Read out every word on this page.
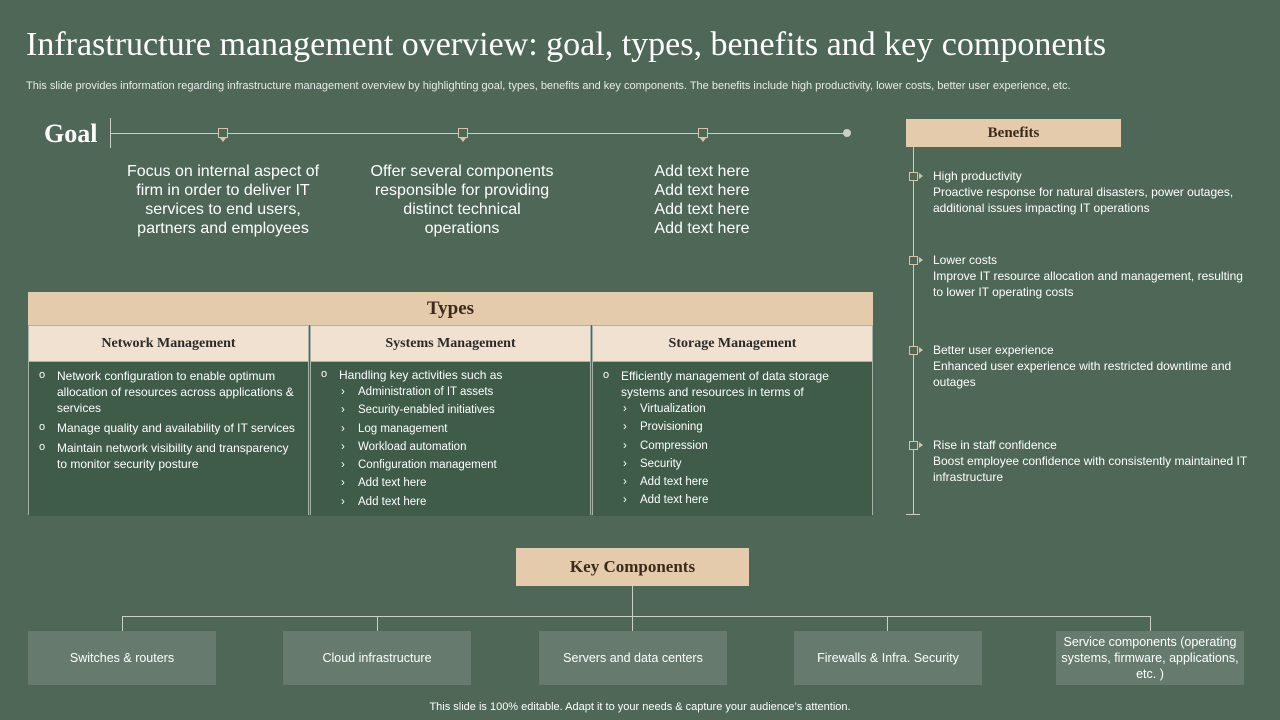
Infrastructure management overview: goal, types, benefits and key components
This slide provides information regarding infrastructure management overview by highlighting goal, types, benefits and key components. The benefits include high productivity, lower costs, better user experience, etc.
Goal
Focus on internal aspect of firm in order to deliver IT services to end users, partners and employees
Offer several components responsible for providing distinct technical operations
Add text here Add text here Add text here Add text here
Types
Network Management
o Network configuration to enable optimum allocation of resources across applications & services
o Manage quality and availability of IT services
o Maintain network visibility and transparency to monitor security posture
Systems Management
o Handling key activities such as
› Administration of IT assets
› Security-enabled initiatives
› Log management
› Workload automation
› Configuration management
› Add text here
› Add text here
Storage Management
o Efficiently management of data storage systems and resources in terms of
› Virtualization
› Provisioning
› Compression
› Security
› Add text here
› Add text here
Benefits
High productivity
Proactive response for natural disasters, power outages, additional issues impacting IT operations
Lower costs
Improve IT resource allocation and management, resulting to lower IT operating costs
Better user experience
Enhanced user experience with restricted downtime and outages
Rise in staff confidence
Boost employee confidence with consistently maintained IT infrastructure
Key Components
Switches & routers	Cloud infrastructure	Servers and data centers	Firewalls & Infra. Security
Service components (operating systems, firmware, applications, etc. )
This slide is 100% editable. Adapt it to your needs & capture your audience’s attention.
